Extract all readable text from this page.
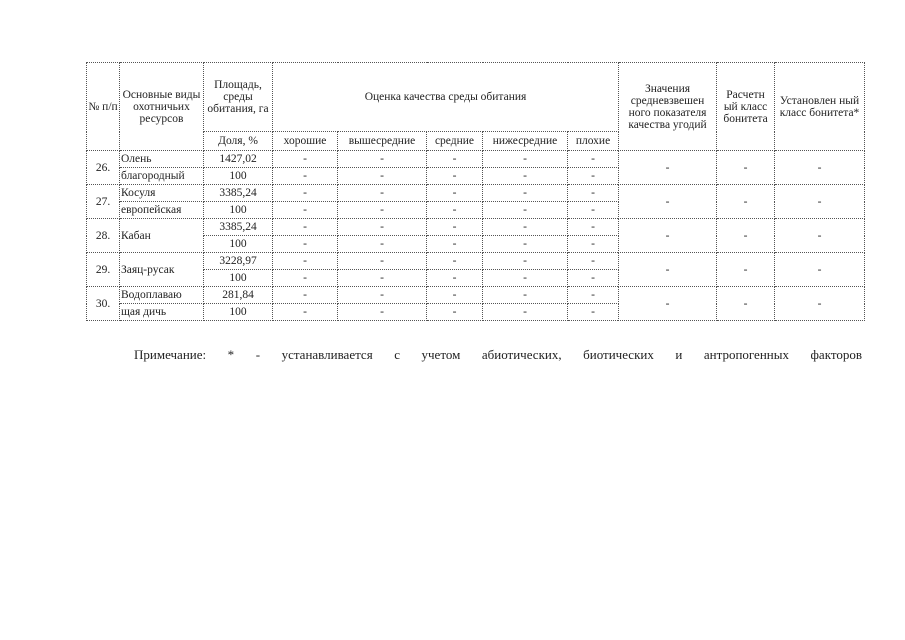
№ п/п	Основные виды охотничьих ресурсов	Площадь, среды обитания, га	Оценка качества среды обитания					Значения средневзвешен ного показателя качества угодий	Расчетн ый класс бонитета	Установлен ный класс бонитета*
		Доля, %	хорошие	вышесредние	средние	нижесредние	плохие			
26.	Олень	1427,02	-	-	-	-	-	-	-	-
	благородный	100	-	-	-	-	-			
27.	Косуля	3385,24	-	-	-	-	-	-	-	-
	европейская	100	-	-	-	-	-			
28.	Кабан	3385,24	-	-	-	-	-	-	-	-
		100	-	-	-	-	-			
29.	Заяц-русак	3228,97	-	-	-	-	-	-	-	-
		100	-	-	-	-	-			
30.	Водоплаваю	281,84	-	-	-	-	-	-	-	-
	щая дичь	100	-	-	-	-	-			
Примечание: * - устанавливается с учетом абиотических, биотических и антропогенных факторов
